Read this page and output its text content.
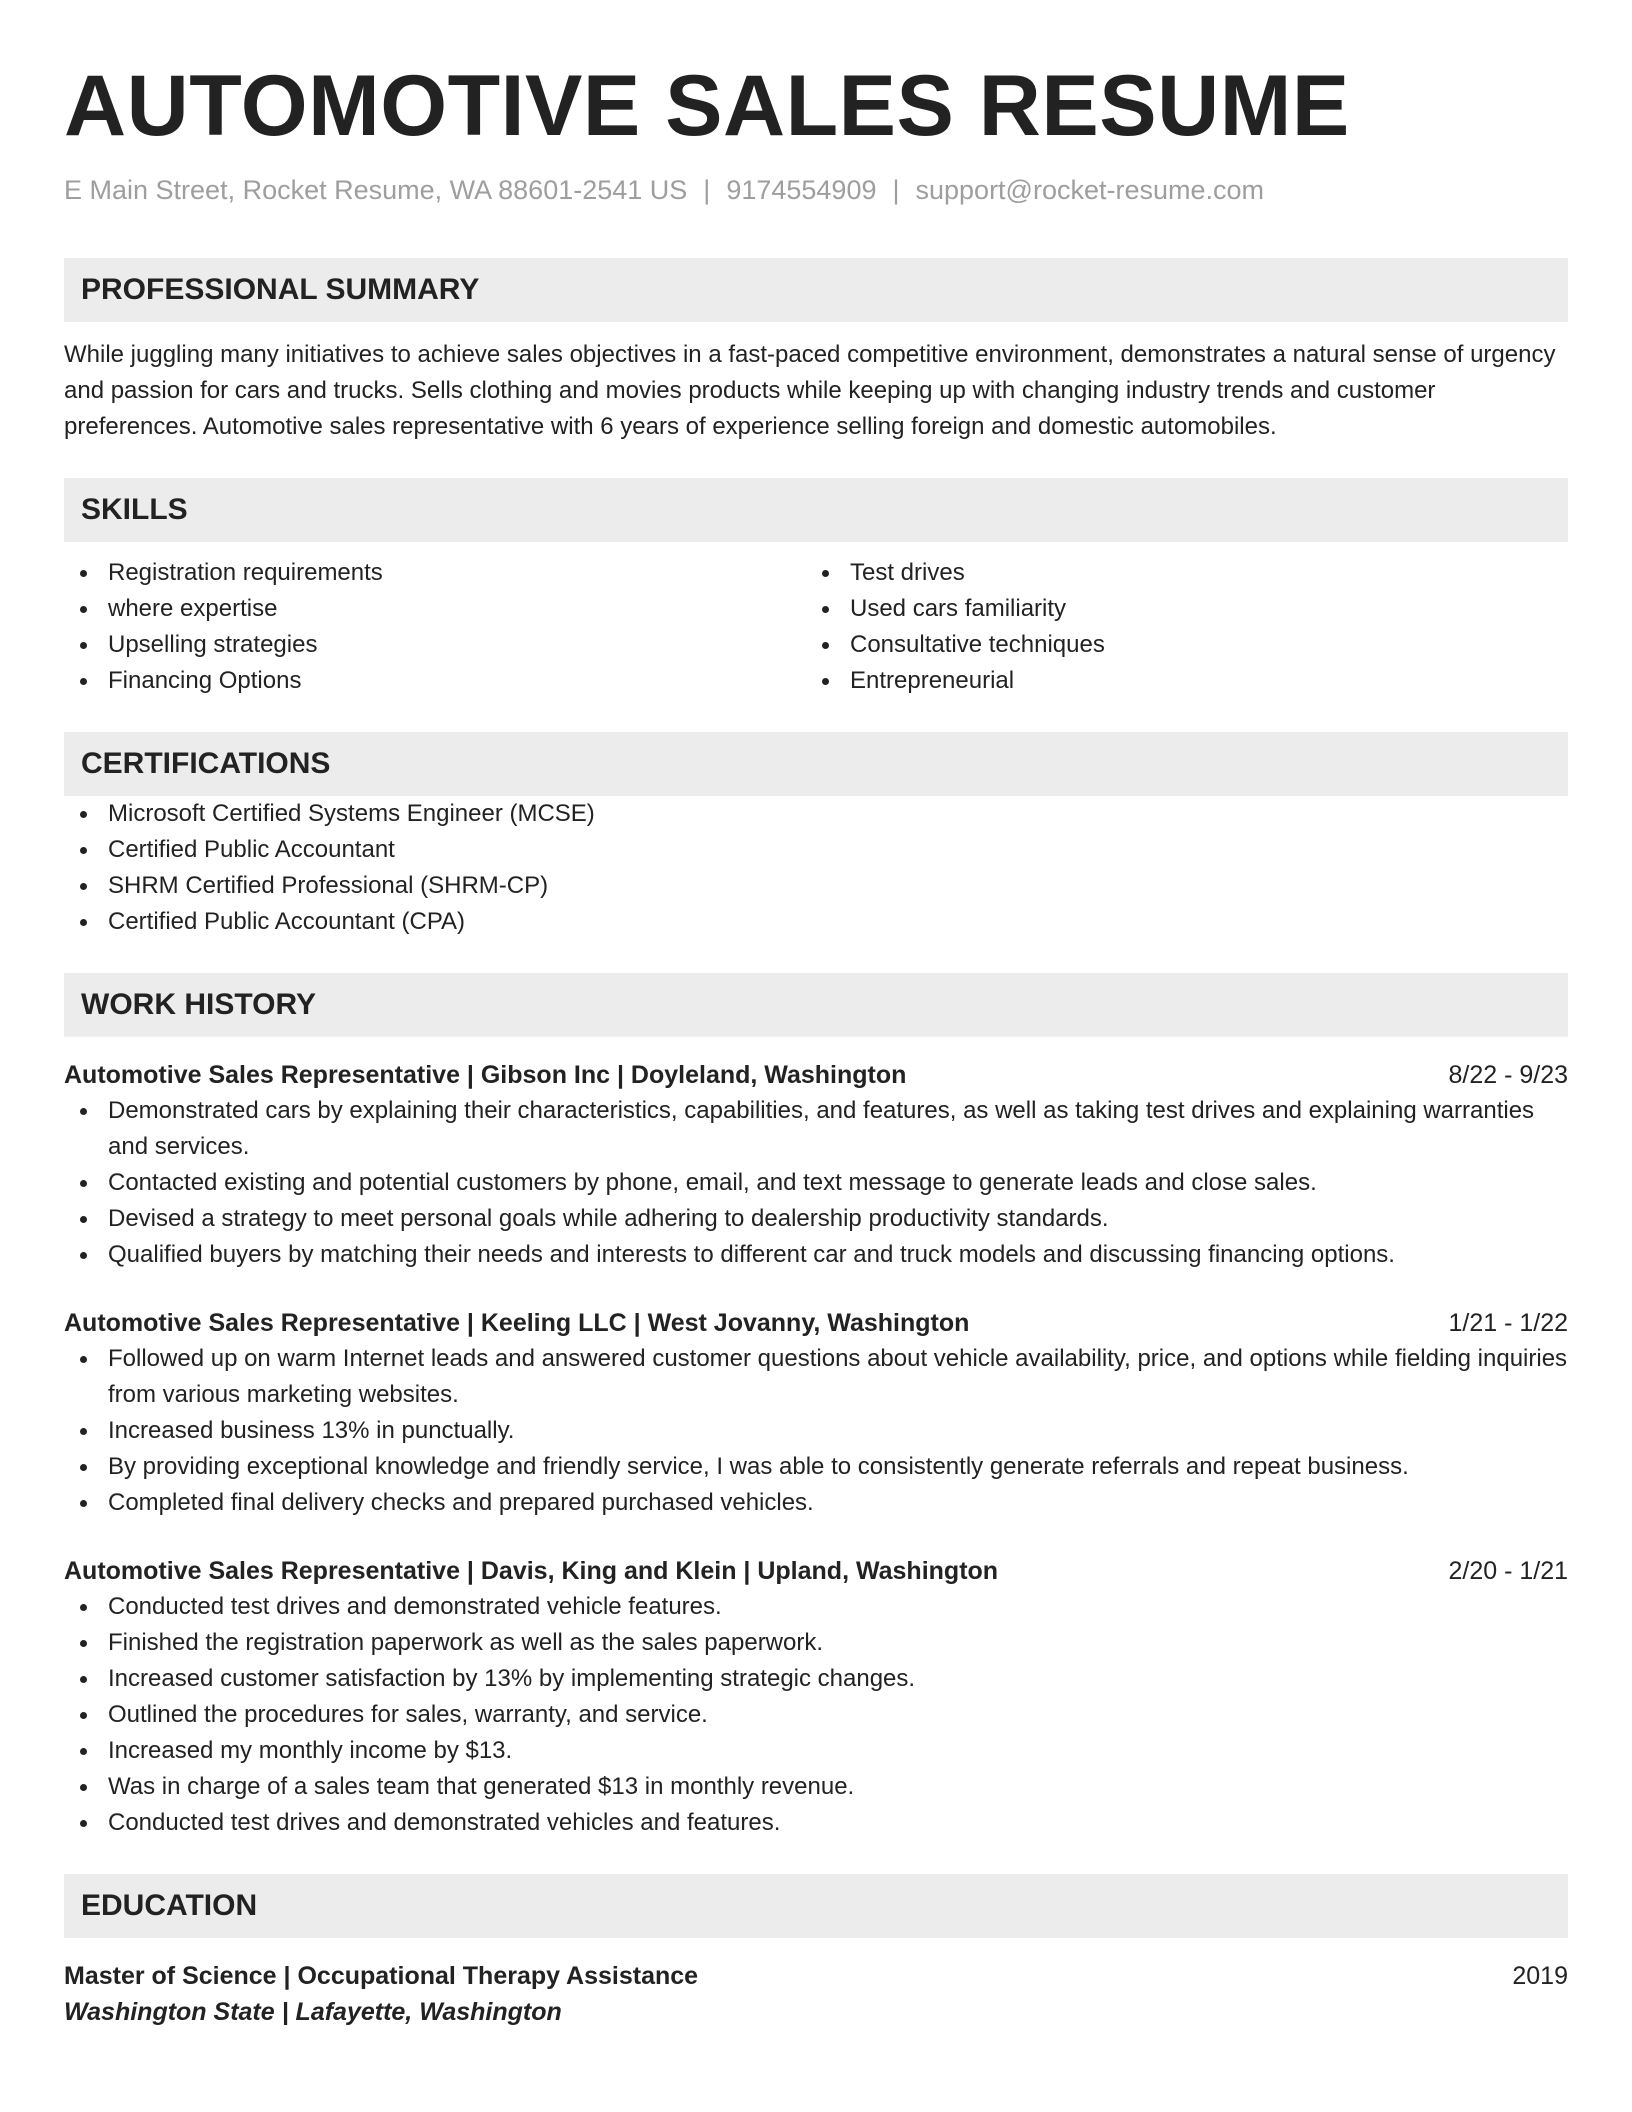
AUTOMOTIVE SALES RESUME
E Main Street, Rocket Resume, WA 88601-2541 US | 9174554909 | support@rocket-resume.com
PROFESSIONAL SUMMARY

While juggling many initiatives to achieve sales objectives in a fast-paced competitive environment, demonstrates a natural sense of urgency and passion for cars and trucks. Sells clothing and movies products while keeping up with changing industry trends and customer preferences. Automotive sales representative with 6 years of experience selling foreign and domestic automobiles.

SKILLS
Registration requirements
where expertise
Upselling strategies
Financing Options
Test drives
Used cars familiarity
Consultative techniques
Entrepreneurial
CERTIFICATIONS
Microsoft Certified Systems Engineer (MCSE)
Certified Public Accountant
SHRM Certified Professional (SHRM-CP)
Certified Public Accountant (CPA)
WORK HISTORY
Automotive Sales Representative | Gibson Inc | Doyleland, Washington	8/22 - 9/23
Demonstrated cars by explaining their characteristics, capabilities, and features, as well as taking test drives and explaining warranties and services.
Contacted existing and potential customers by phone, email, and text message to generate leads and close sales.
Devised a strategy to meet personal goals while adhering to dealership productivity standards.
Qualified buyers by matching their needs and interests to different car and truck models and discussing financing options.
Automotive Sales Representative | Keeling LLC | West Jovanny, Washington	1/21 - 1/22
Followed up on warm Internet leads and answered customer questions about vehicle availability, price, and options while fielding inquiries from various marketing websites.
Increased business 13% in punctually.
By providing exceptional knowledge and friendly service, I was able to consistently generate referrals and repeat business.
Completed final delivery checks and prepared purchased vehicles.
Automotive Sales Representative | Davis, King and Klein | Upland, Washington	2/20 - 1/21
Conducted test drives and demonstrated vehicle features.
Finished the registration paperwork as well as the sales paperwork.
Increased customer satisfaction by 13% by implementing strategic changes.
Outlined the procedures for sales, warranty, and service.
Increased my monthly income by $13.
Was in charge of a sales team that generated $13 in monthly revenue.
Conducted test drives and demonstrated vehicles and features.
EDUCATION
Master of Science | Occupational Therapy Assistance	2019
Washington State | Lafayette, Washington
